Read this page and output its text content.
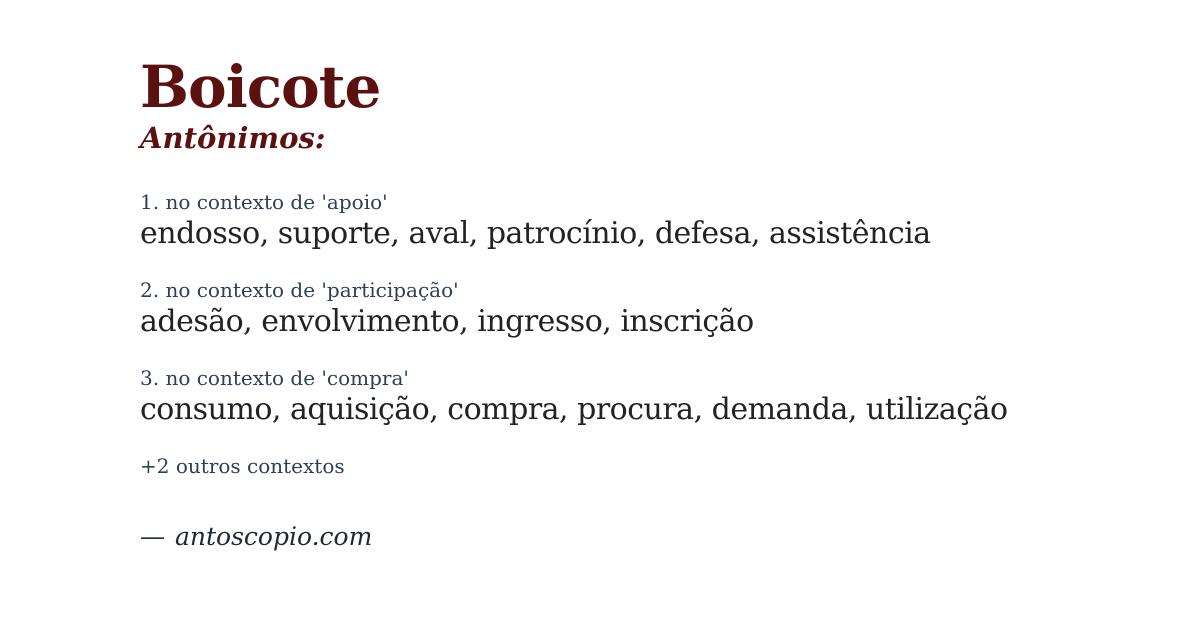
Boicote
Antônimos:
1. no contexto de 'apoio'

endosso, suporte, aval, patrocínio, defesa, assistência

2. no contexto de 'participação'

adesão, envolvimento, ingresso, inscrição

3. no contexto de 'compra'

consumo, aquisição, compra, procura, demanda, utilização

+2 outros contextos
— antoscopio.com
